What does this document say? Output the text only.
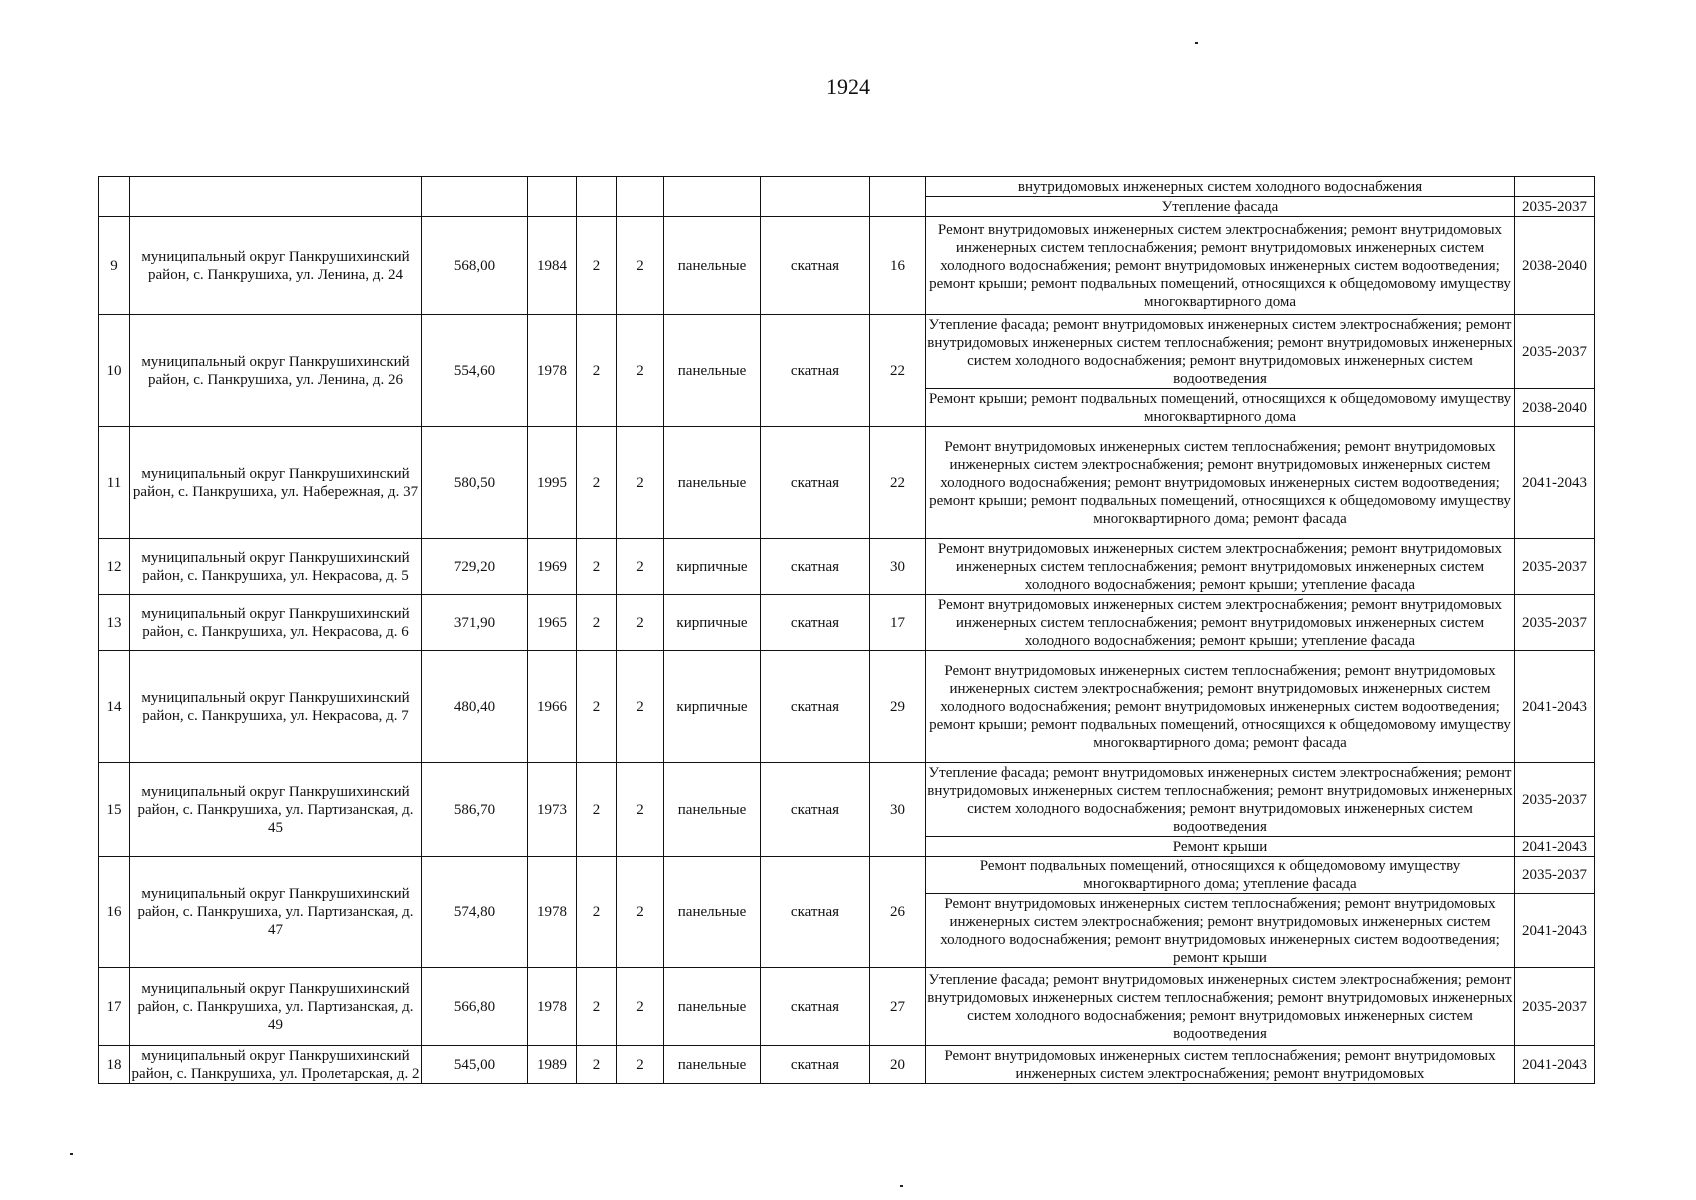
1924
									внутридомовых инженерных систем холодного водоснабжения	
									Утепление фасада	2035-2037
9	муниципальный округ Панкрушихинский район, с. Панкрушиха, ул. Ленина, д. 24	568,00	1984	2	2	панельные	скатная	16	Ремонт внутридомовых инженерных систем электроснабжения; ремонт внутридомовых инженерных систем теплоснабжения; ремонт внутридомовых инженерных систем холодного водоснабжения; ремонт внутридомовых инженерных систем водоотведения; ремонт крыши; ремонт подвальных помещений, относящихся к общедомовому имуществу многоквартирного дома	2038-2040
10	муниципальный округ Панкрушихинский район, с. Панкрушиха, ул. Ленина, д. 26	554,60	1978	2	2	панельные	скатная	22	Утепление фасада; ремонт внутридомовых инженерных систем электроснабжения; ремонт внутридомовых инженерных систем теплоснабжения; ремонт внутридомовых инженерных систем холодного водоснабжения; ремонт внутридомовых инженерных систем водоотведения	2035-2037
									Ремонт крыши; ремонт подвальных помещений, относящихся к общедомовому имуществу многоквартирного дома	2038-2040
11	муниципальный округ Панкрушихинский район, с. Панкрушиха, ул. Набережная, д. 37	580,50	1995	2	2	панельные	скатная	22	Ремонт внутридомовых инженерных систем теплоснабжения; ремонт внутридомовых инженерных систем электроснабжения; ремонт внутридомовых инженерных систем холодного водоснабжения; ремонт внутридомовых инженерных систем водоотведения; ремонт крыши; ремонт подвальных помещений, относящихся к общедомовому имуществу многоквартирного дома; ремонт фасада	2041-2043
12	муниципальный округ Панкрушихинский район, с. Панкрушиха, ул. Некрасова, д. 5	729,20	1969	2	2	кирпичные	скатная	30	Ремонт внутридомовых инженерных систем электроснабжения; ремонт внутридомовых инженерных систем теплоснабжения; ремонт внутридомовых инженерных систем холодного водоснабжения; ремонт крыши; утепление фасада	2035-2037
13	муниципальный округ Панкрушихинский район, с. Панкрушиха, ул. Некрасова, д. 6	371,90	1965	2	2	кирпичные	скатная	17	Ремонт внутридомовых инженерных систем электроснабжения; ремонт внутридомовых инженерных систем теплоснабжения; ремонт внутридомовых инженерных систем холодного водоснабжения; ремонт крыши; утепление фасада	2035-2037
14	муниципальный округ Панкрушихинский район, с. Панкрушиха, ул. Некрасова, д. 7	480,40	1966	2	2	кирпичные	скатная	29	Ремонт внутридомовых инженерных систем теплоснабжения; ремонт внутридомовых инженерных систем электроснабжения; ремонт внутридомовых инженерных систем холодного водоснабжения; ремонт внутридомовых инженерных систем водоотведения; ремонт крыши; ремонт подвальных помещений, относящихся к общедомовому имуществу многоквартирного дома; ремонт фасада	2041-2043
15	муниципальный округ Панкрушихинский район, с. Панкрушиха, ул. Партизанская, д. 45	586,70	1973	2	2	панельные	скатная	30	Утепление фасада; ремонт внутридомовых инженерных систем электроснабжения; ремонт внутридомовых инженерных систем теплоснабжения; ремонт внутридомовых инженерных систем холодного водоснабжения; ремонт внутридомовых инженерных систем водоотведения	2035-2037
									Ремонт крыши	2041-2043
16	муниципальный округ Панкрушихинский район, с. Панкрушиха, ул. Партизанская, д. 47	574,80	1978	2	2	панельные	скатная	26	Ремонт подвальных помещений, относящихся к общедомовому имуществу многоквартирного дома; утепление фасада	2035-2037
									Ремонт внутридомовых инженерных систем теплоснабжения; ремонт внутридомовых инженерных систем электроснабжения; ремонт внутридомовых инженерных систем холодного водоснабжения; ремонт внутридомовых инженерных систем водоотведения; ремонт крыши	2041-2043
17	муниципальный округ Панкрушихинский район, с. Панкрушиха, ул. Партизанская, д. 49	566,80	1978	2	2	панельные	скатная	27	Утепление фасада; ремонт внутридомовых инженерных систем электроснабжения; ремонт внутридомовых инженерных систем теплоснабжения; ремонт внутридомовых инженерных систем холодного водоснабжения; ремонт внутридомовых инженерных систем водоотведения	2035-2037
18	муниципальный округ Панкрушихинский район, с. Панкрушиха, ул. Пролетарская, д. 2	545,00	1989	2	2	панельные	скатная	20	Ремонт внутридомовых инженерных систем теплоснабжения; ремонт внутридомовых инженерных систем электроснабжения; ремонт внутридомовых	2041-2043
